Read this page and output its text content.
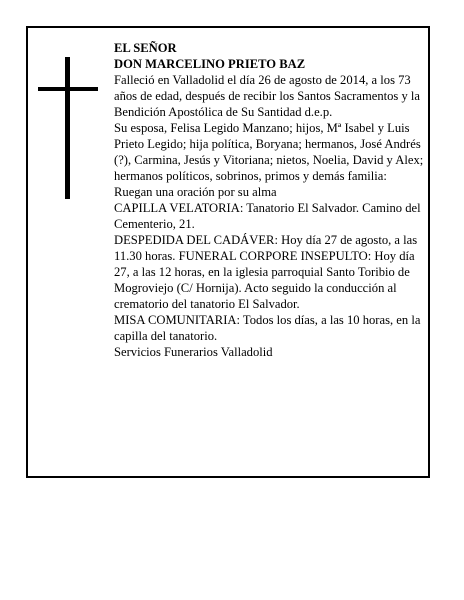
EL SEÑOR

DON MARCELINO PRIETO BAZ

Falleció en Valladolid el día 26 de agosto de 2014, a los 73 años de edad, después de recibir los Santos Sacramentos y la Bendición Apostólica de Su Santidad d.e.p.

Su esposa, Felisa Legido Manzano; hijos, Mª Isabel y Luis Prieto Legido; hija política, Boryana; hermanos, José Andrés (?), Carmina, Jesús y Vitoriana; nietos, Noelia, David y Alex; hermanos políticos, sobrinos, primos y demás familia:

Ruegan una oración por su alma

CAPILLA VELATORIA: Tanatorio El Salvador. Camino del Cementerio, 21.

DESPEDIDA DEL CADÁVER: Hoy día 27 de agosto, a las 11.30 horas. FUNERAL CORPORE INSEPULTO: Hoy día 27, a las 12 horas, en la iglesia parroquial Santo Toribio de Mogroviejo (C/ Hornija). Acto seguido la conducción al crematorio del tanatorio El Salvador.

MISA COMUNITARIA: Todos los días, a las 10 horas, en la capilla del tanatorio.

Servicios Funerarios Valladolid
